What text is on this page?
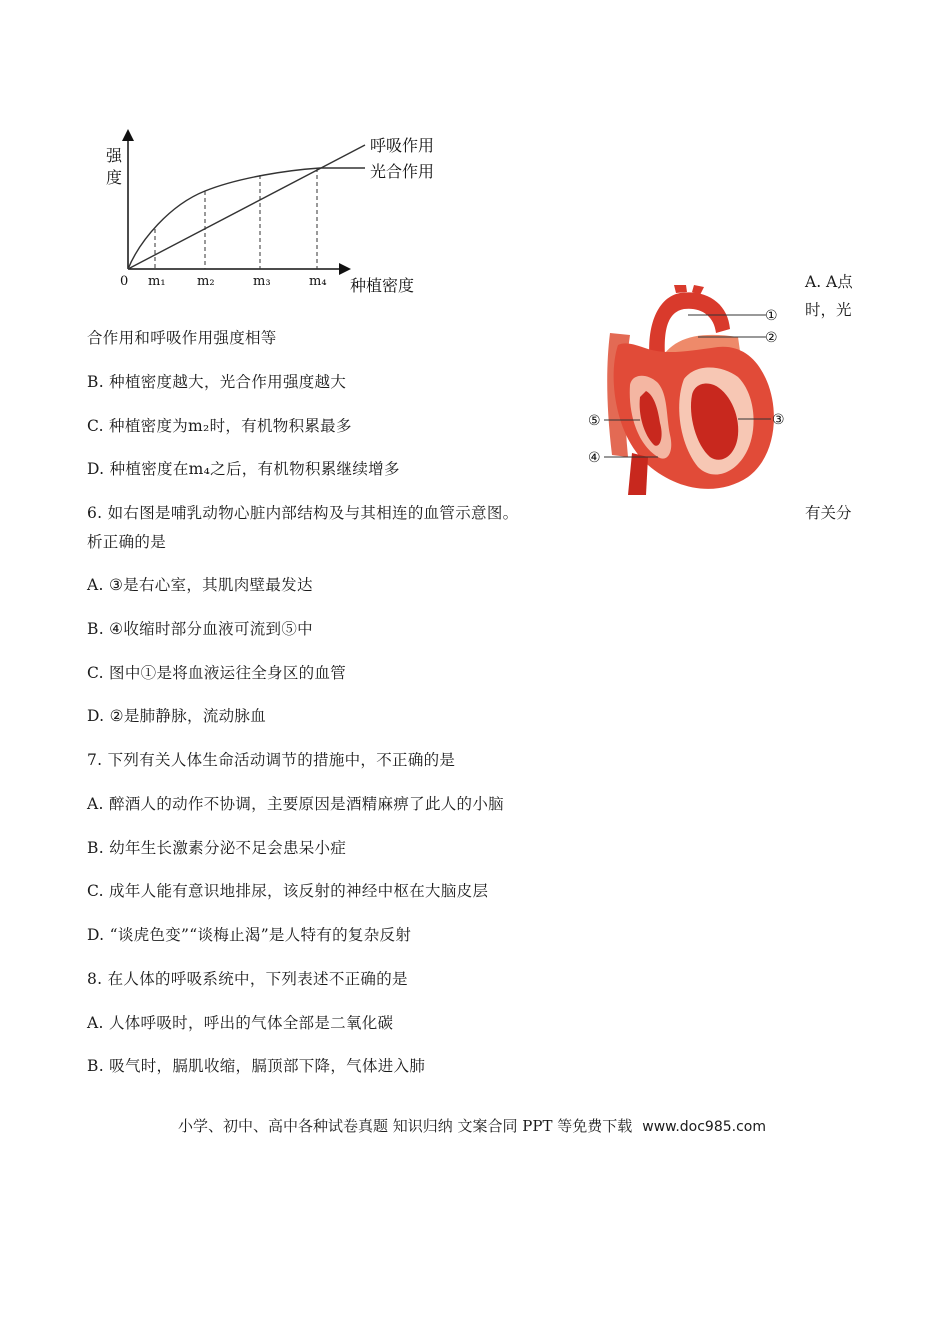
强
度
0 m₁ m₂	m₃	m₄ 种植密度
呼吸作用
光合作用
①
②
③
④
⑤
A. A点
时，光
合作用和呼吸作用强度相等
B. 种植密度越大，光合作用强度越大
C. 种植密度为m₂时，有机物积累最多
D. 种植密度在m₄之后，有机物积累继续增多
6. 如右图是哺乳动物心脏内部结构及与其相连的血管示意图。	有关分
析正确的是
A. ③是右心室，其肌肉壁最发达
B. ④收缩时部分血液可流到⑤中
C. 图中①是将血液运往全身区的血管
D. ②是肺静脉，流动脉血
7. 下列有关人体生命活动调节的措施中，不正确的是
A. 醉酒人的动作不协调，主要原因是酒精麻痹了此人的小脑
B. 幼年生长激素分泌不足会患呆小症
C. 成年人能有意识地排尿，该反射的神经中枢在大脑皮层
D. “谈虎色变”“谈梅止渴”是人特有的复杂反射
8. 在人体的呼吸系统中，下列表述不正确的是
A. 人体呼吸时，呼出的气体全部是二氧化碳
B. 吸气时，膈肌收缩，膈顶部下降，气体进入肺
小学、初中、高中各种试卷真题 知识归纳 文案合同 PPT 等免费下载 www.doc985.com
